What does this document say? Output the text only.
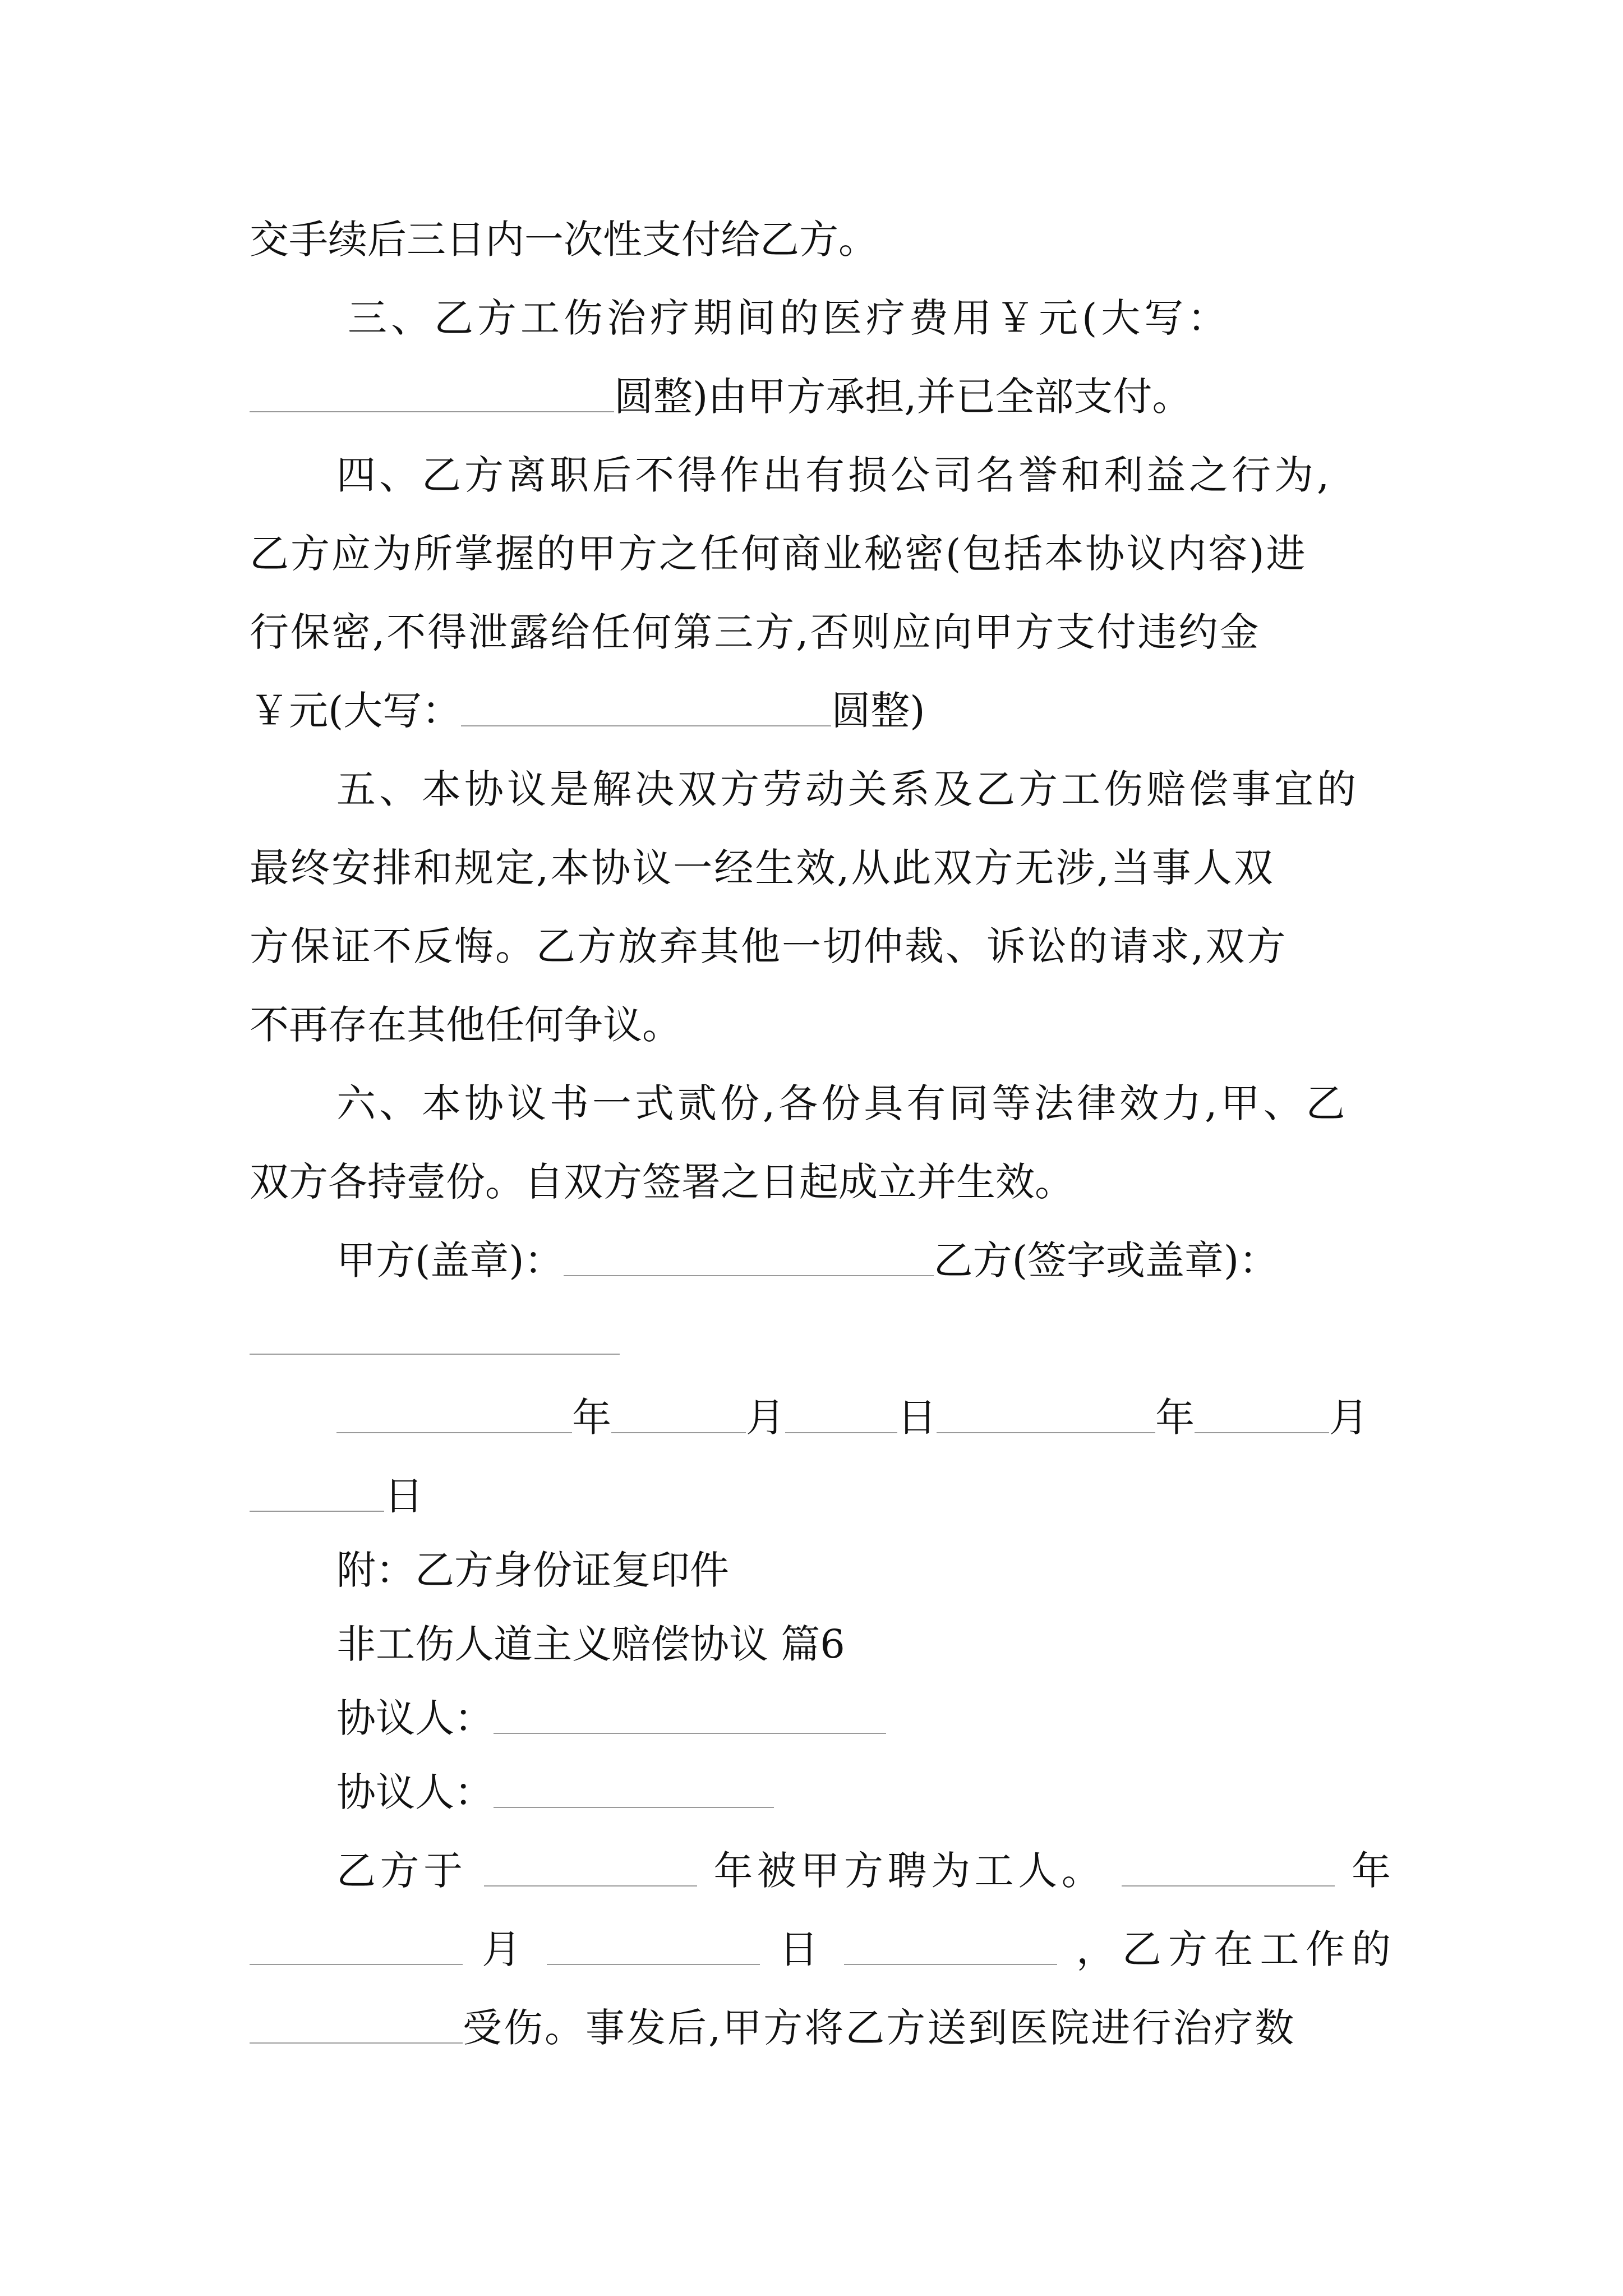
交手续后三日内一次性支付给乙方。
三、乙方工伤治疗期间的医疗费用￥元(大写：
圆整)由甲方承担,并已全部支付。
四、乙方离职后不得作出有损公司名誉和利益之行为,
乙方应为所掌握的甲方之任何商业秘密(包括本协议内容)进
行保密,不得泄露给任何第三方,否则应向甲方支付违约金
￥元(大写：	圆整)
五、本协议是解决双方劳动关系及乙方工伤赔偿事宜的
最终安排和规定,本协议一经生效,从此双方无涉,当事人双
方保证不反悔。乙方放弃其他一切仲裁、诉讼的请求,双方
不再存在其他任何争议。
六、本协议书一式贰份,各份具有同等法律效力,甲、乙
双方各持壹份。自双方签署之日起成立并生效。
甲方(盖章)：	乙方(签字或盖章)：
年	月	日	年	月
日
附：乙方身份证复印件
非工伤人道主义赔偿协议 篇6
协议人：
协议人：
乙方于	年被甲方聘为工人。	年
月	日	，乙方在工作的
受伤。事发后,甲方将乙方送到医院进行治疗数
